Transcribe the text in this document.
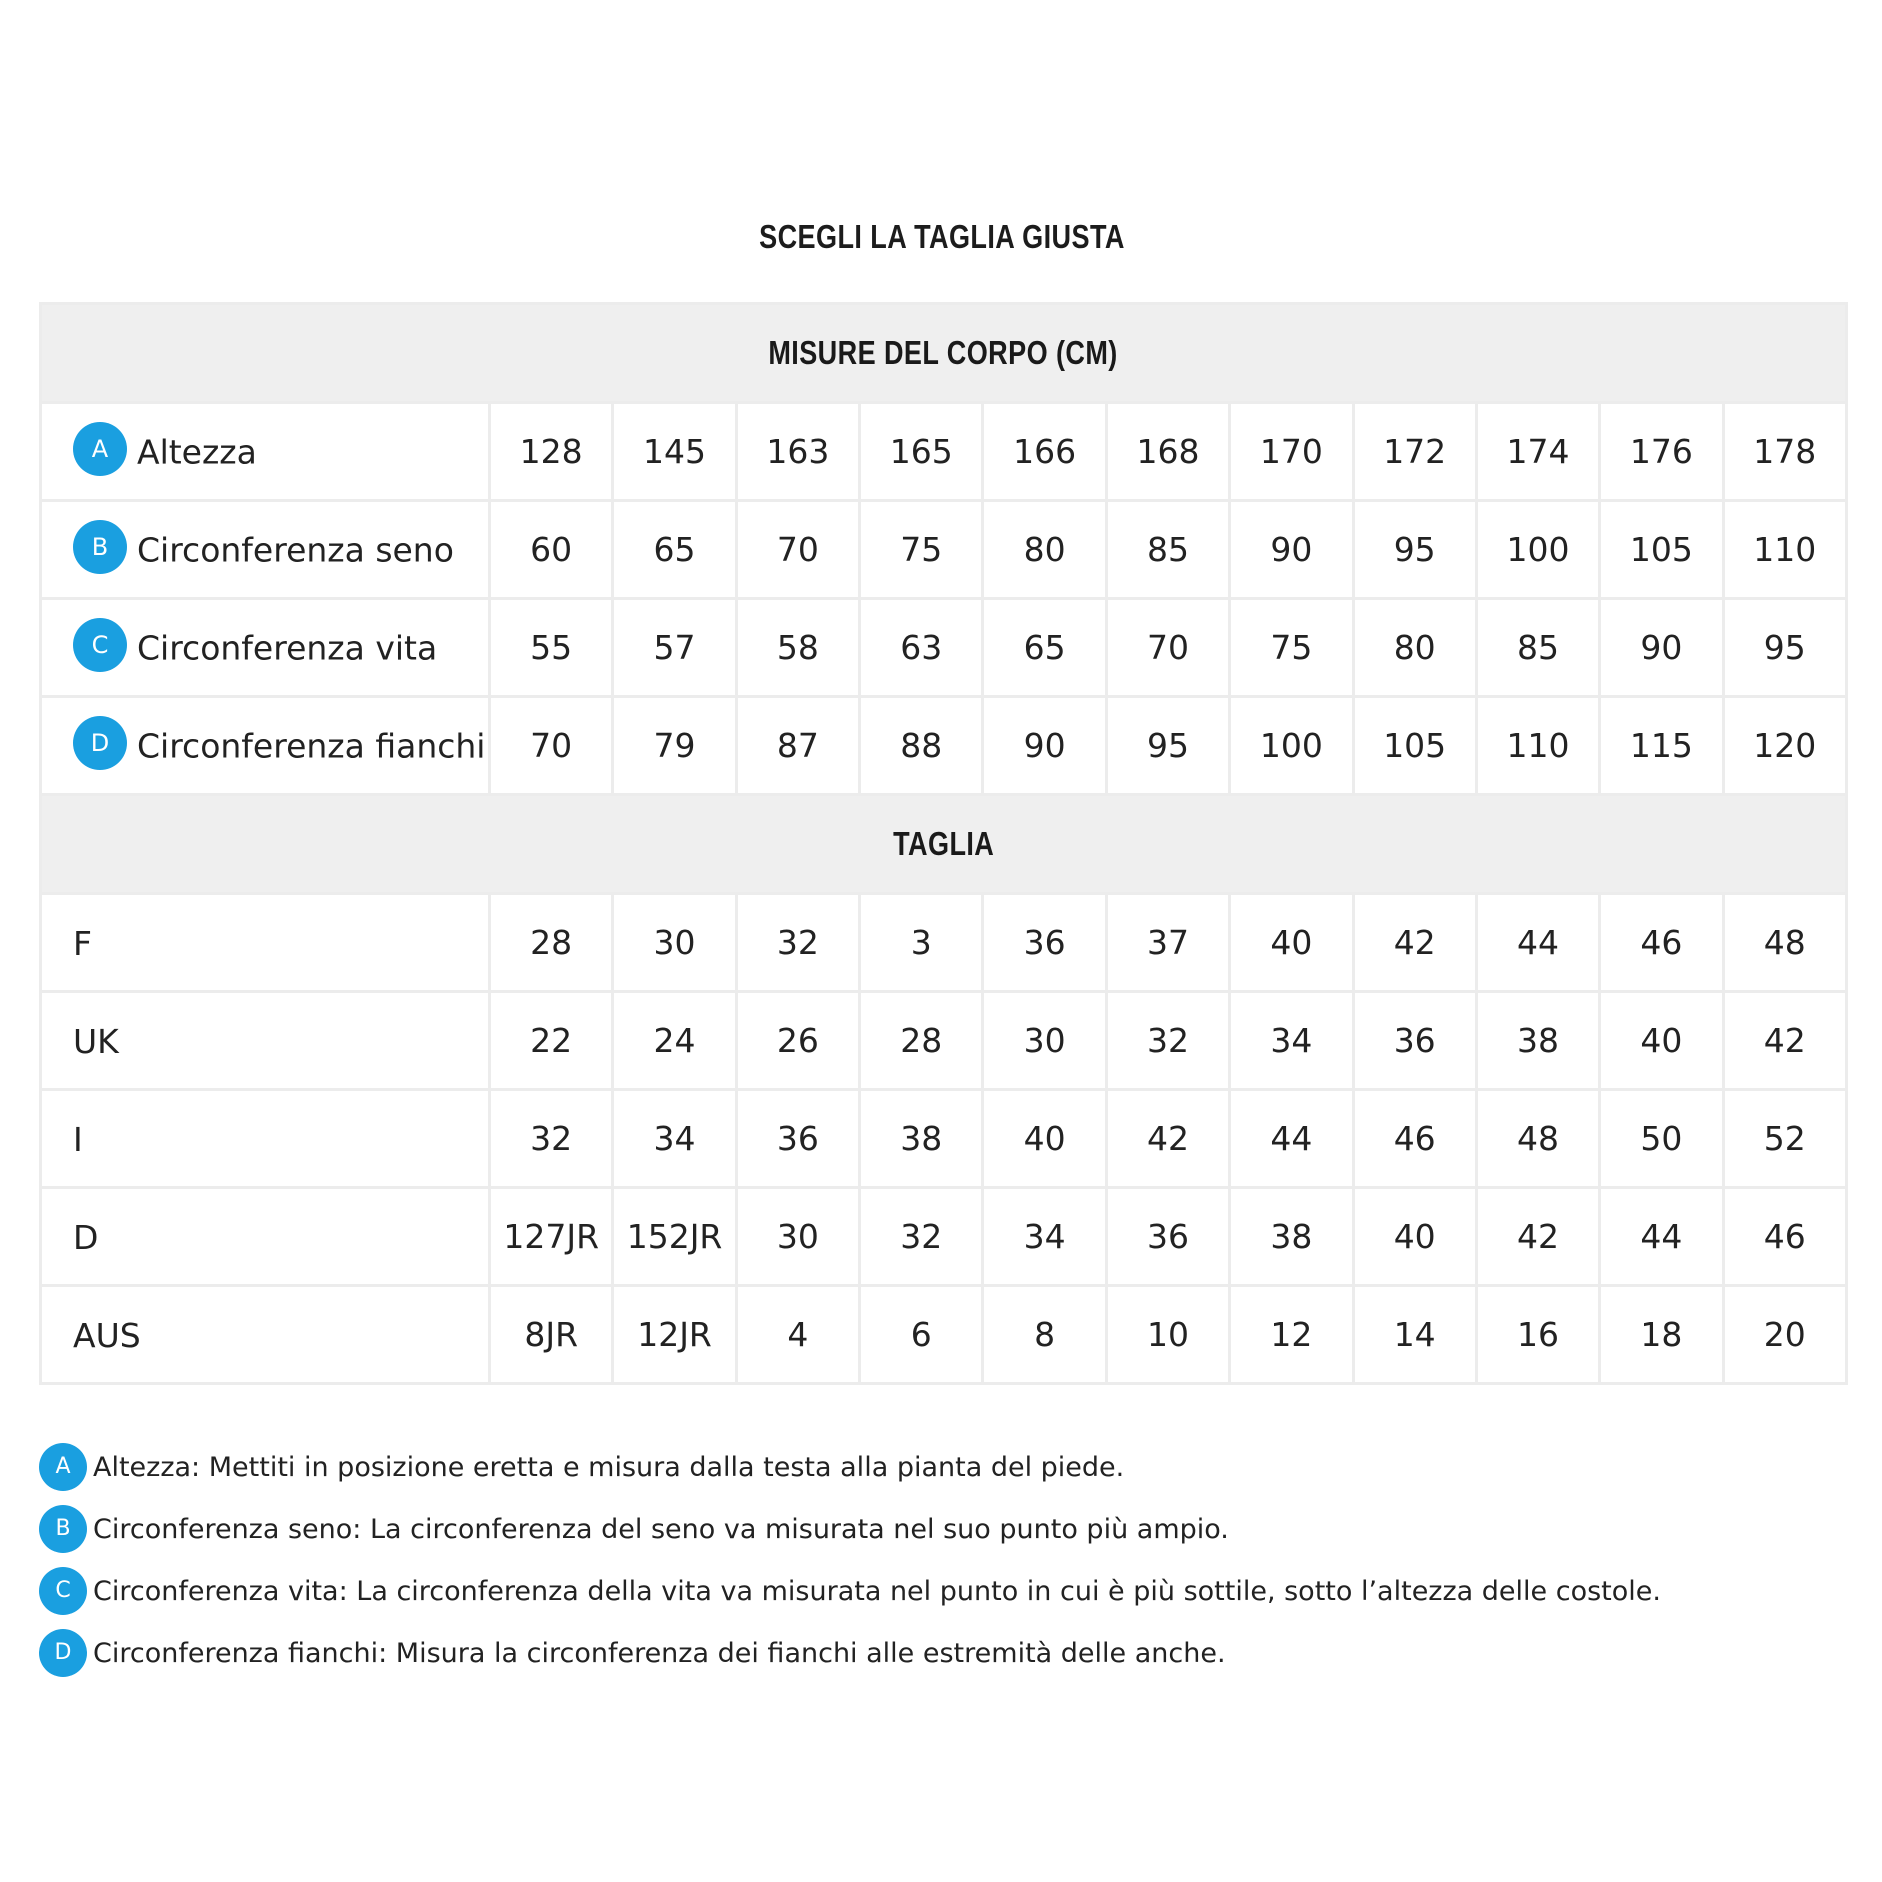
SCEGLI LA TAGLIA GIUSTA
MISURE DEL CORPO (CM)											
A Altezza	128	145	163	165	166	168	170	172	174	176	178
B Circonferenza seno	60	65	70	75	80	85	90	95	100	105	110
C Circonferenza vita	55	57	58	63	65	70	75	80	85	90	95
D Circonferenza fianchi	70	79	87	88	90	95	100	105	110	115	120
TAGLIA											
F	28	30	32	3	36	37	40	42	44	46	48
UK	22	24	26	28	30	32	34	36	38	40	42
I	32	34	36	38	40	42	44	46	48	50	52
D	127JR	152JR	30	32	34	36	38	40	42	44	46
AUS	8JR	12JR	4	6	8	10	12	14	16	18	20
A Altezza: Mettiti in posizione eretta e misura dalla testa alla pianta del piede.
B Circonferenza seno: La circonferenza del seno va misurata nel suo punto più ampio.
C Circonferenza vita: La circonferenza della vita va misurata nel punto in cui è più sottile, sotto l’altezza delle costole.
D Circonferenza fianchi: Misura la circonferenza dei fianchi alle estremità delle anche.
